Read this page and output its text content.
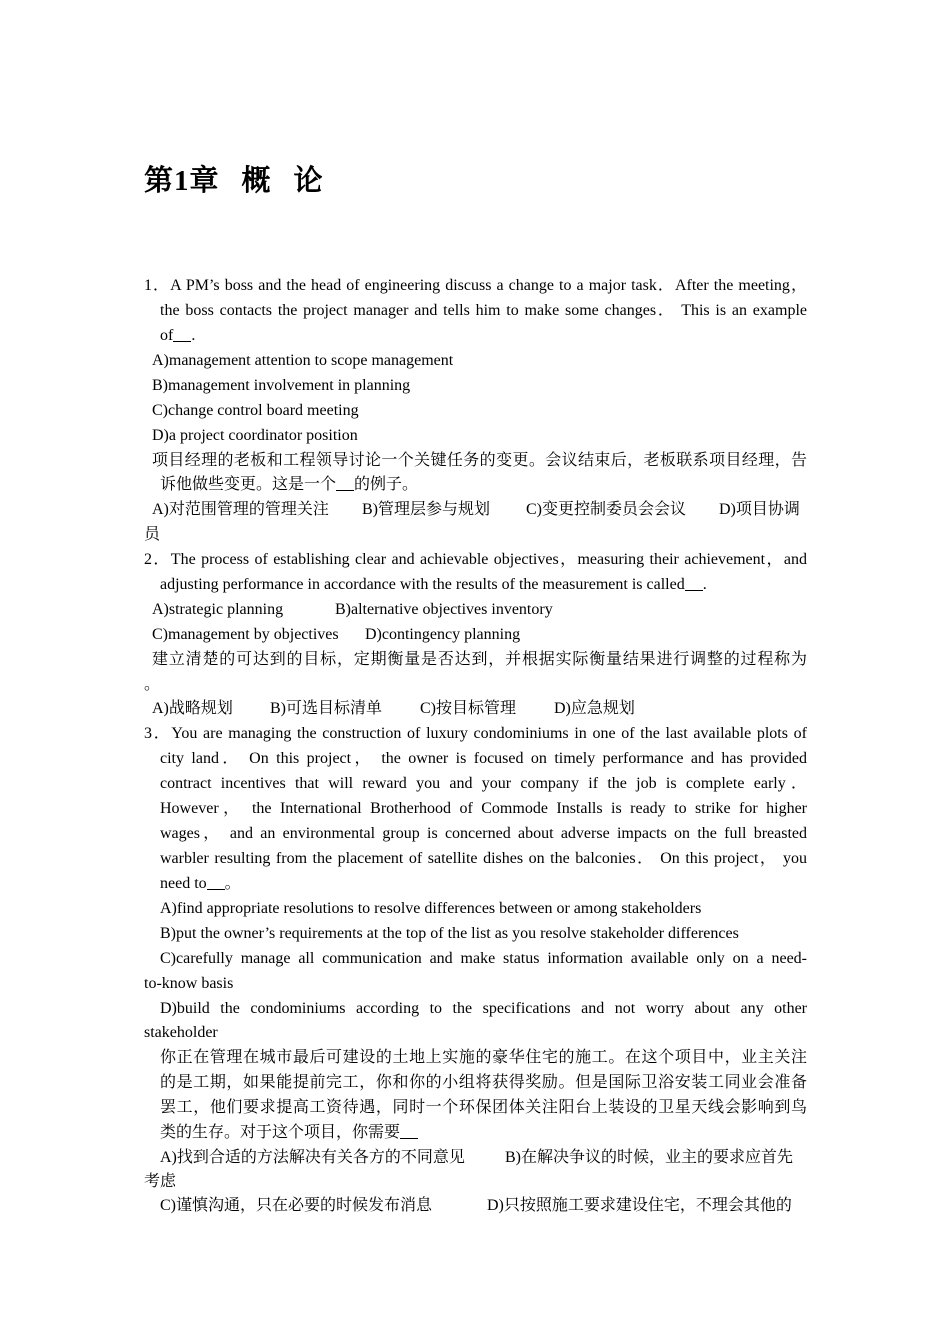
第1章 概 论
1．A PM’s boss and the head of engineering discuss a change to a major task．After the meeting，
the boss contacts the project manager and tells him to make some changes． This is an example
of .
A)management attention to scope management
B)management involvement in planning
C)change control board meeting
D)a project coordinator position
项目经理的老板和工程领导讨论一个关键任务的变更。会议结束后，老板联系项目经理，告
诉他做些变更。这是一个 的例子。
A)对范围管理的管理关注 B)管理层参与规划 C)变更控制委员会会议 D)项目协调
员
2．The process of establishing clear and achievable objectives，measuring their achievement，and
adjusting performance in accordance with the results of the measurement is called .
A)strategic planning	B)alternative objectives inventory
C)management by objectives D)contingency planning
建立清楚的可达到的目标，定期衡量是否达到，并根据实际衡量结果进行调整的过程称为
。
A)战略规划 B)可选目标清单 C)按目标管理 D)应急规划
3．You are managing the construction of luxury condominiums in one of the last available plots of
city land． On this project， the owner is focused on timely performance and has provided
contract incentives that will reward you and your company if the job is complete early．
However， the International Brotherhood of Commode Installs is ready to strike for higher
wages， and an environmental group is concerned about adverse impacts on the full breasted
warbler resulting from the placement of satellite dishes on the balconies． On this project， you
need to 。
A)find appropriate resolutions to resolve differences between or among stakeholders
B)put the owner’s requirements at the top of the list as you resolve stakeholder differences
C)carefully manage all communication and make status information available only on a need-
to-know basis
D)build the condominiums according to the specifications and not worry about any other
stakeholder
你正在管理在城市最后可建设的土地上实施的豪华住宅的施工。在这个项目中，业主关注
的是工期，如果能提前完工，你和你的小组将获得奖励。但是国际卫浴安装工同业会准备
罢工，他们要求提高工资待遇，同时一个环保团体关注阳台上装设的卫星天线会影响到鸟
类的生存。对于这个项目，你需要
A)找到合适的方法解决有关各方的不同意见	B)在解决争议的时候，业主的要求应首先
考虑
C)谨慎沟通，只在必要的时候发布消息	D)只按照施工要求建设住宅，不理会其他的
